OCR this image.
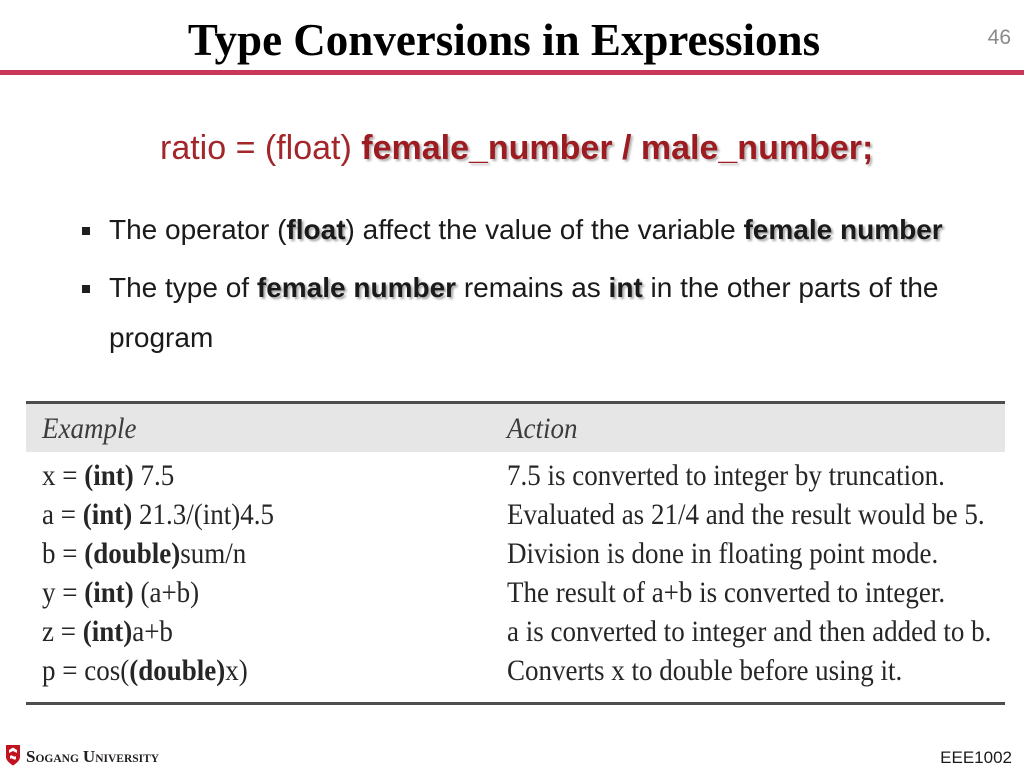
Type Conversions in Expressions	46
ratio = (float) female_number / male_number;
The operator (float) affect the value of the variable female number
The type of female number remains as int in the other parts of the program
Example	Action
x = (int) 7.5	7.5 is converted to integer by truncation.
a = (int) 21.3/(int)4.5	Evaluated as 21/4 and the result would be 5.
b = (double)sum/n	Division is done in floating point mode.
y = (int) (a+b)	The result of a+b is converted to integer.
z = (int)a+b	a is converted to integer and then added to b.
p = cos((double)x)	Converts x to double before using it.
SOGANG UNIVERSITY	EEE1002
